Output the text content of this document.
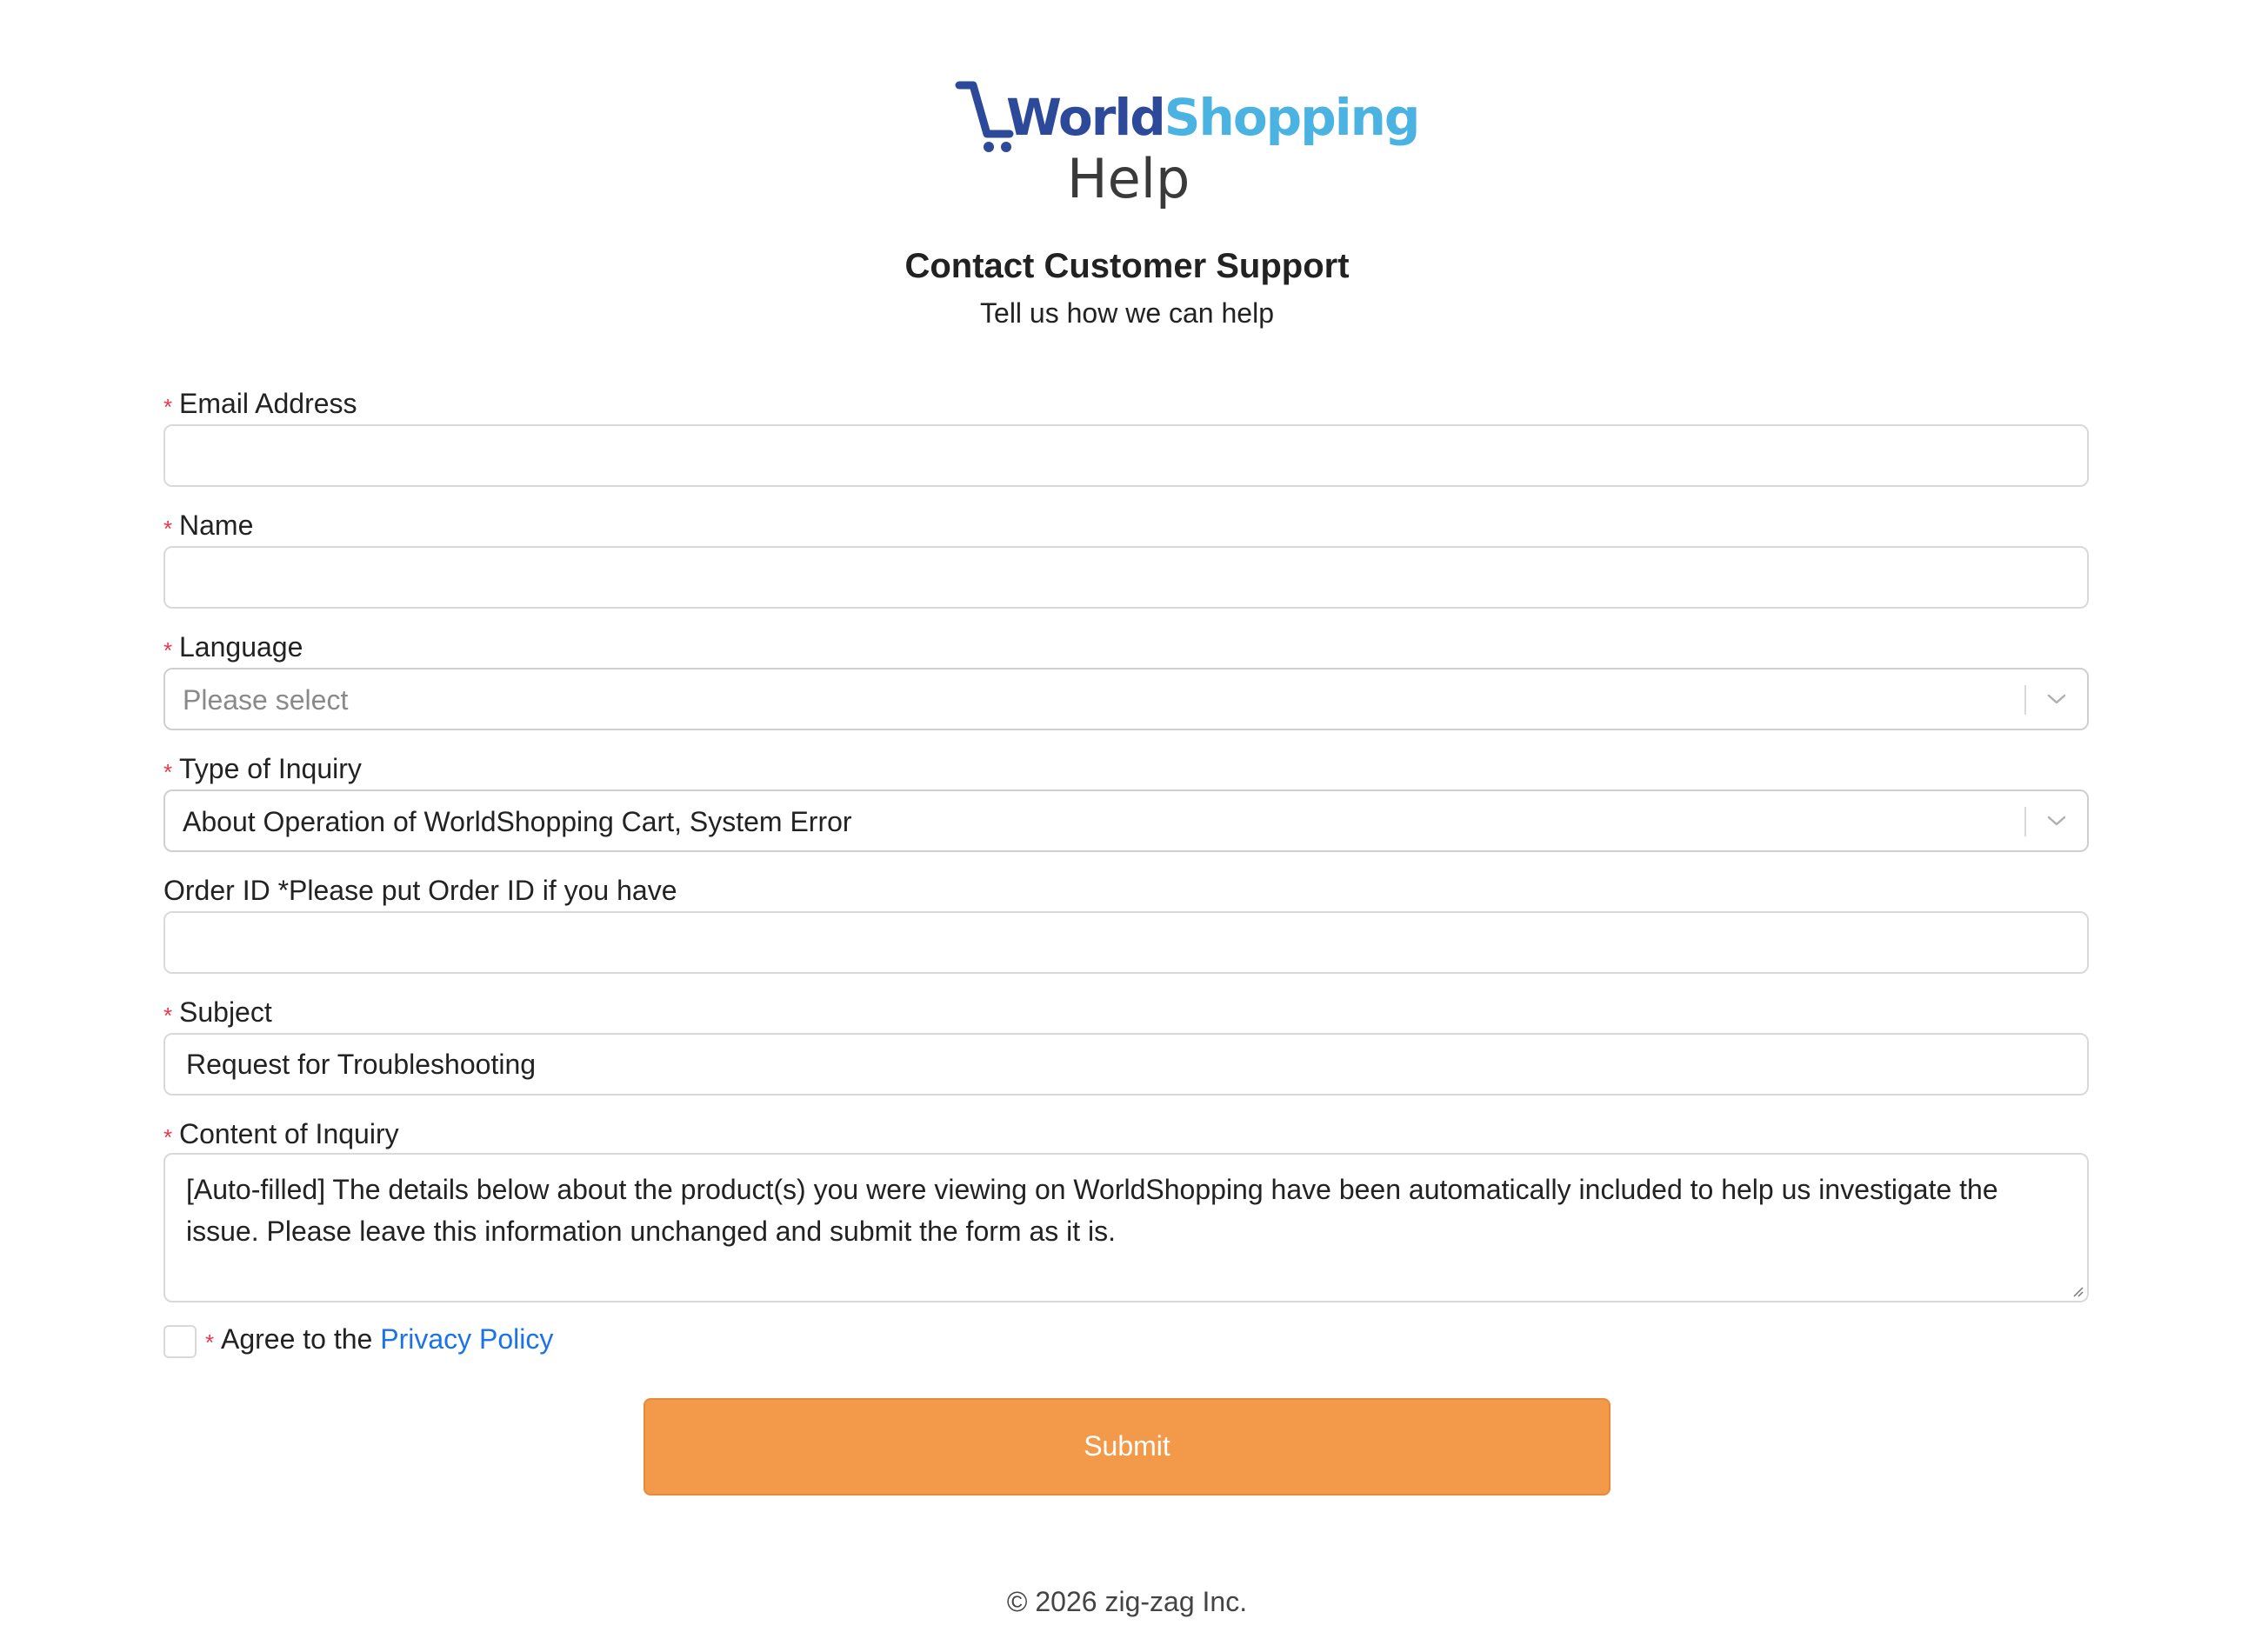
WorldShopping
Help
Contact Customer Support
Tell us how we can help
* Email Address
* Name
* Language
Please select
* Type of Inquiry
About Operation of WorldShopping Cart, System Error
Order ID *Please put Order ID if you have
* Subject
Request for Troubleshooting
* Content of Inquiry
[Auto-filled] The details below about the product(s) you were viewing on WorldShopping have been automatically included to help us investigate the issue. Please leave this information unchanged and submit the form as it is.
* Agree to the Privacy Policy
Submit
© 2026 zig-zag Inc.
